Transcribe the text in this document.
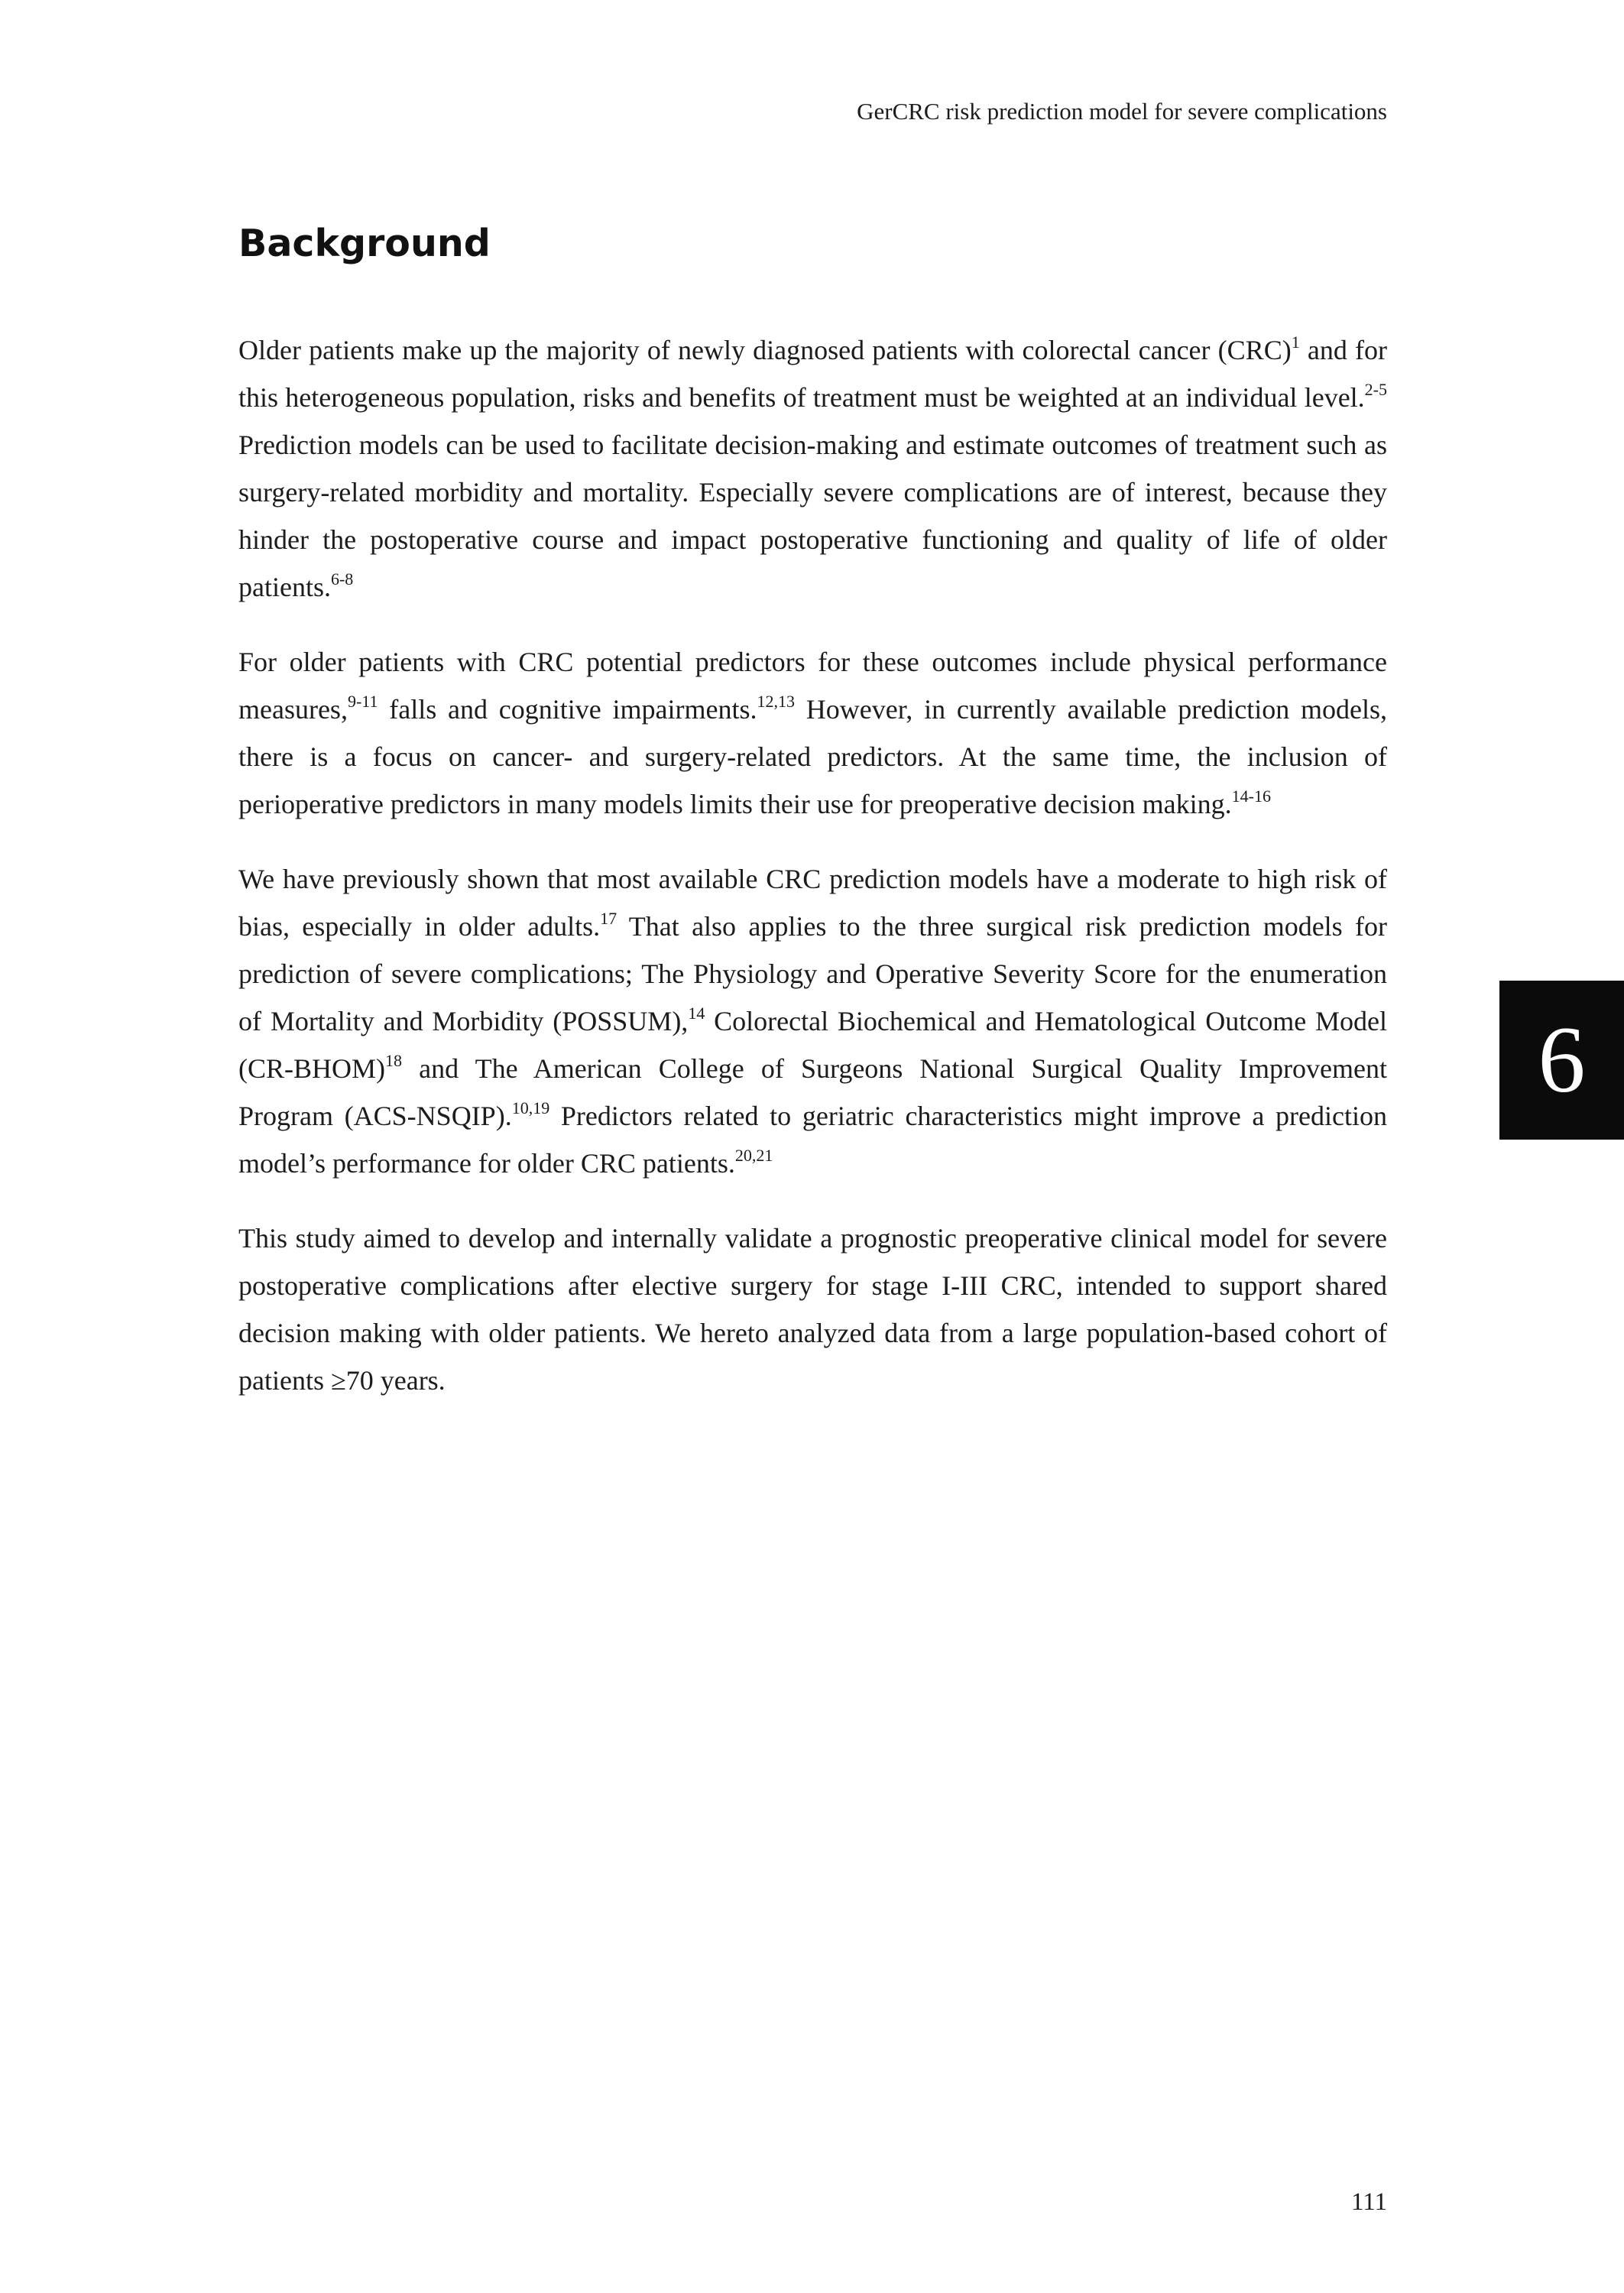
GerCRC risk prediction model for severe complications
Background

Older patients make up the majority of newly diagnosed patients with colorectal cancer (CRC)$^1$ and for this heterogeneous population, risks and benefits of treatment must be weighted at an individual level.$^{2-5}$ Prediction models can be used to facilitate decision-making and estimate outcomes of treatment such as surgery-related morbidity and mortality. Especially severe complications are of interest, because they hinder the postoperative course and impact postoperative functioning and quality of life of older patients.$^{6-8}$

For older patients with CRC potential predictors for these outcomes include physical performance measures,$^{9-11}$ falls and cognitive impairments.$^{12,13}$ However, in currently available prediction models, there is a focus on cancer- and surgery-related predictors. At the same time, the inclusion of perioperative predictors in many models limits their use for preoperative decision making.$^{14-16}$

We have previously shown that most available CRC prediction models have a moderate to high risk of bias, especially in older adults.$^{17}$ That also applies to the three surgical risk prediction models for prediction of severe complications; The Physiology and Operative Severity Score for the enumeration of Mortality and Morbidity (POSSUM),$^{14}$ Colorectal Biochemical and Hematological Outcome Model (CR-BHOM)$^{18}$ and The American College of Surgeons National Surgical Quality Improvement Program (ACS-NSQIP).$^{10,19}$ Predictors related to geriatric characteristics might improve a prediction model’s performance for older CRC patients.$^{20,21}$

This study aimed to develop and internally validate a prognostic preoperative clinical model for severe postoperative complications after elective surgery for stage I-III CRC, intended to support shared decision making with older patients. We hereto analyzed data from a large population-based cohort of patients ≥70 years.

6
111
